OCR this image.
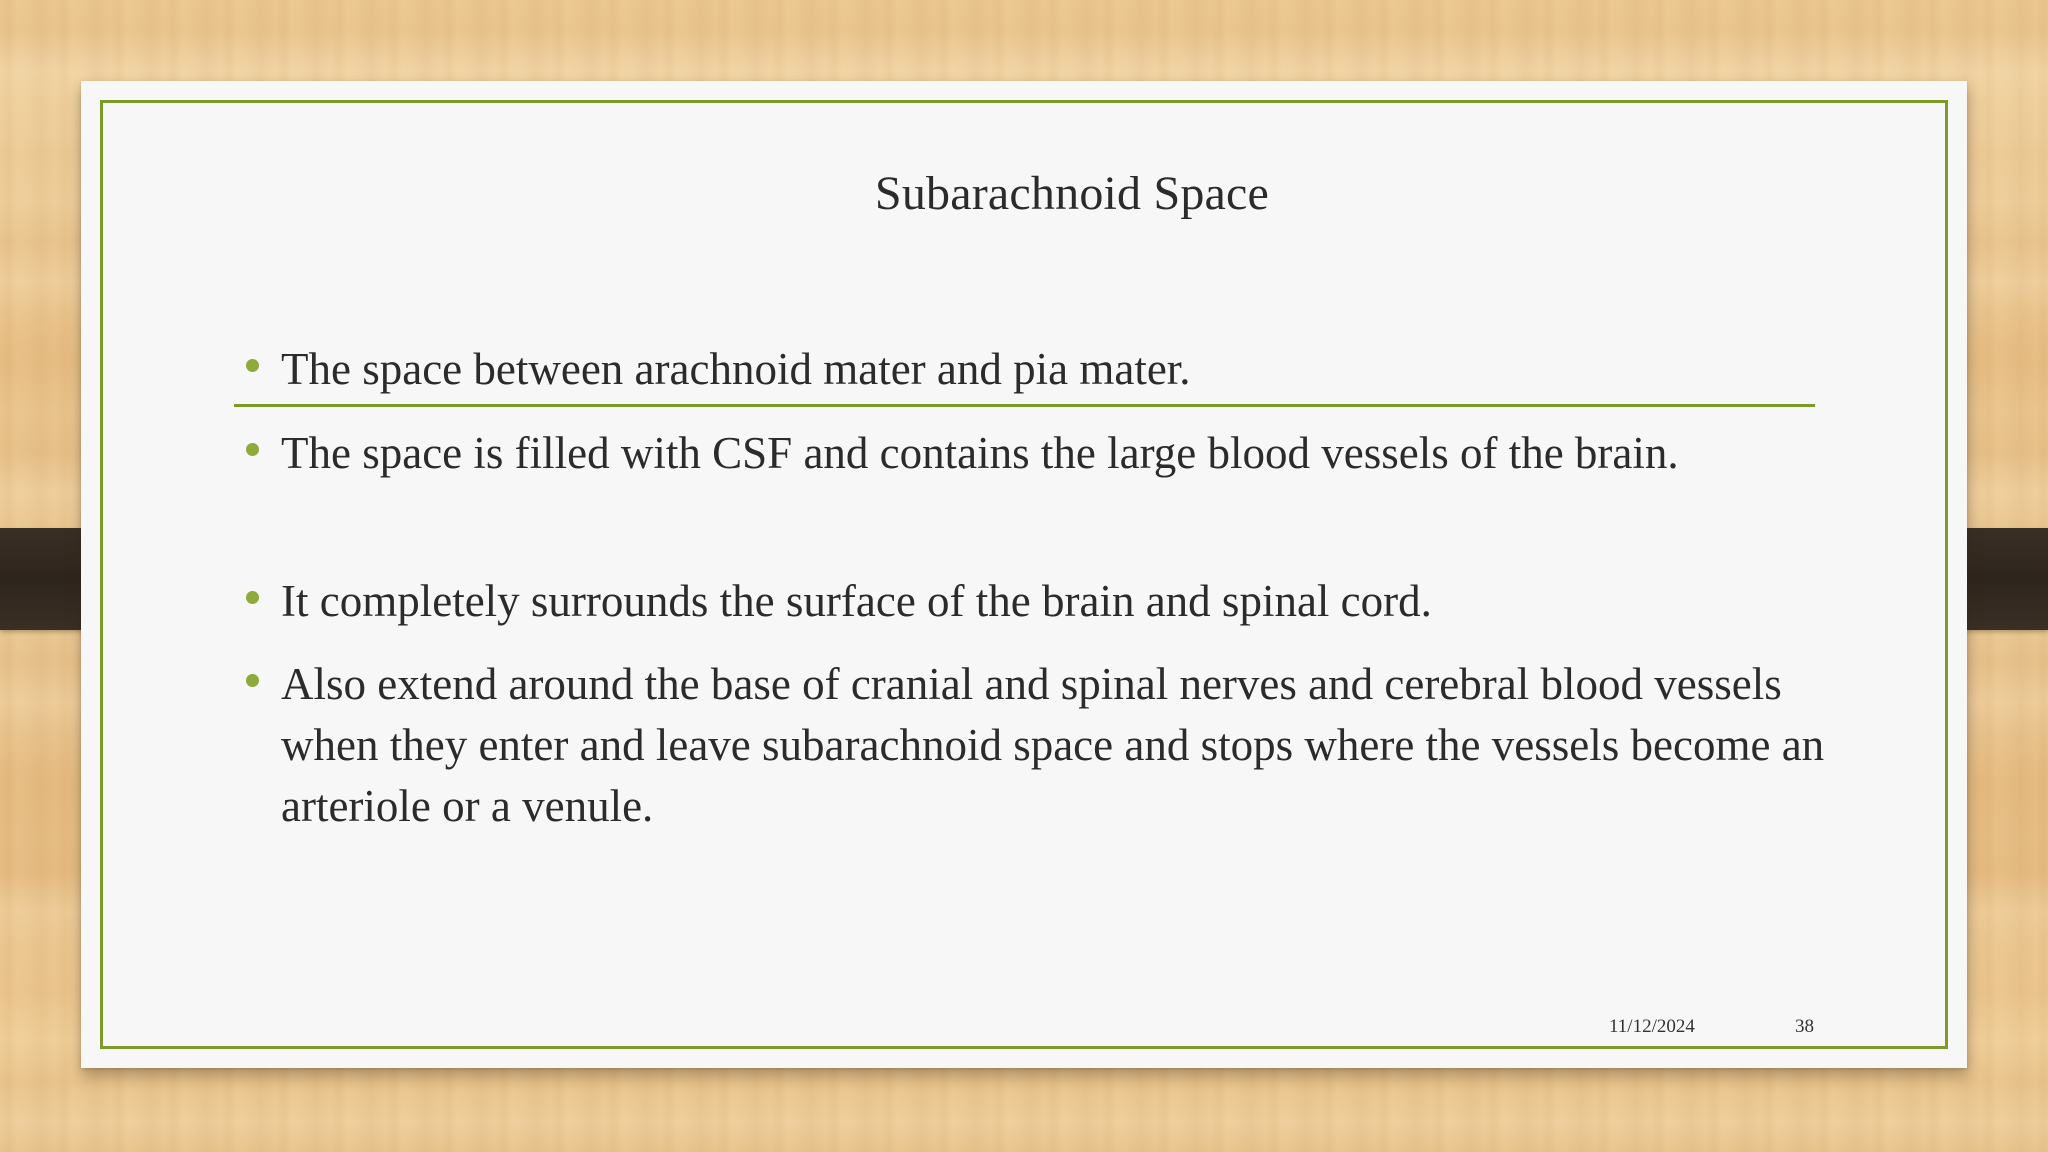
Subarachnoid Space
The space between arachnoid mater and pia mater.
The space is filled with CSF and contains the large blood vessels of the brain.
It completely surrounds the surface of the brain and spinal cord.
Also extend around the base of cranial and spinal nerves and cerebral blood vessels when they enter and leave subarachnoid space and stops where the vessels become an arteriole or a venule.
11/12/2024	38
